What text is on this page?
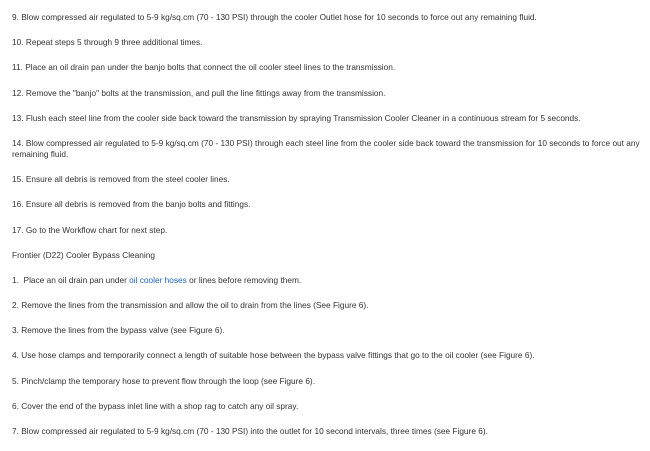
9. Blow compressed air regulated to 5-9 kg/sq.cm (70 - 130 PSI) through the cooler Outlet hose for 10 seconds to force out any remaining fluid.

10. Repeat steps 5 through 9 three additional times.

11. Place an oil drain pan under the banjo bolts that connect the oil cooler steel lines to the transmission.

12. Remove the "banjo" bolts at the transmission, and pull the line fittings away from the transmission.

13. Flush each steel line from the cooler side back toward the transmission by spraying Transmission Cooler Cleaner in a continuous stream for 5 seconds.

14. Blow compressed air regulated to 5-9 kg/sq.cm (70 - 130 PSI) through each steel line from the cooler side back toward the transmission for 10 seconds to force out any remaining fluid.

15. Ensure all debris is removed from the steel cooler lines.

16. Ensure all debris is removed from the banjo bolts and fittings.

17. Go to the Workflow chart for next step.

Frontier (D22) Cooler Bypass Cleaning

1.  Place an oil drain pan under oil cooler hoses or lines before removing them.

2. Remove the lines from the transmission and allow the oil to drain from the lines (See Figure 6).

3. Remove the lines from the bypass valve (see Figure 6).

4. Use hose clamps and temporarily connect a length of suitable hose between the bypass valve fittings that go to the oil cooler (see Figure 6).

5. Pinch/clamp the temporary hose to prevent flow through the loop (see Figure 6).

6. Cover the end of the bypass inlet line with a shop rag to catch any oil spray.

7. Blow compressed air regulated to 5-9 kg/sq.cm (70 - 130 PSI) into the outlet for 10 second intervals, three times (see Figure 6).
